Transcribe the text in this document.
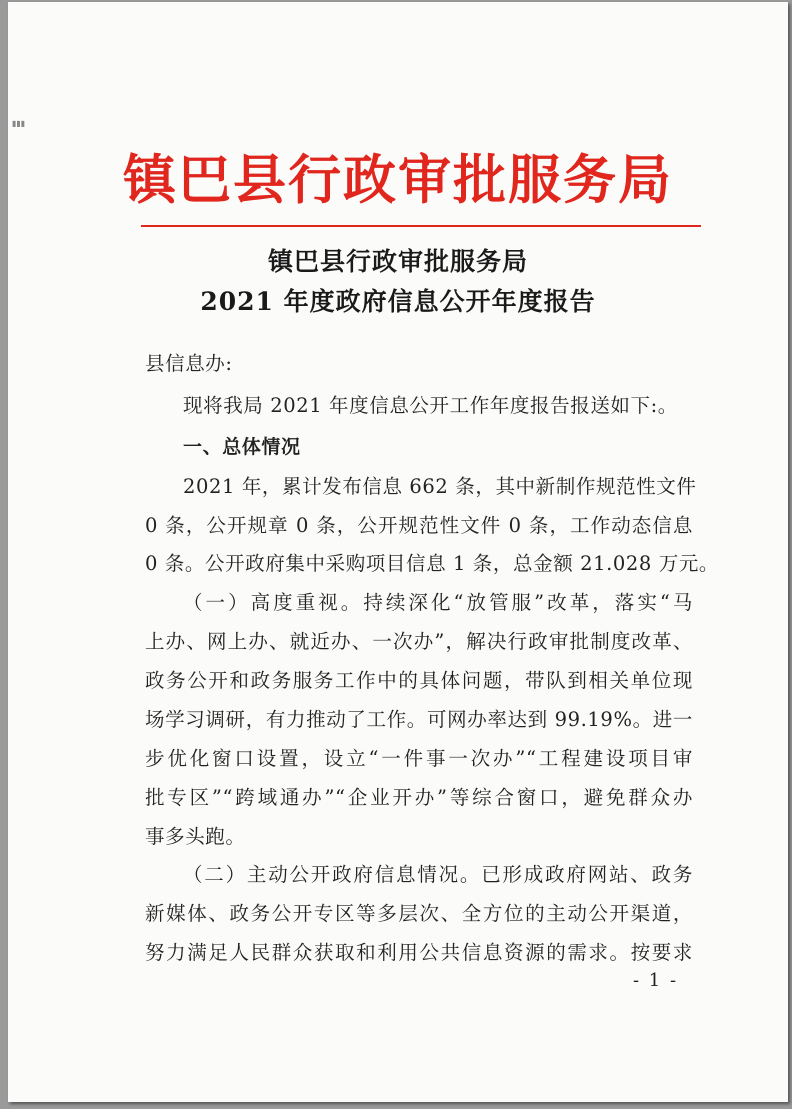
▮▮▮
镇巴县行政审批服务局
镇巴县行政审批服务局
2021 年度政府信息公开年度报告
县信息办:
现将我局 2021 年度信息公开工作年度报告报送如下:。
一、总体情况
2021 年，累计发布信息 662 条，其中新制作规范性文件
0 条，公开规章 0 条，公开规范性文件 0 条，工作动态信息
0 条。公开政府集中采购项目信息 1 条，总金额 21.028 万元。
（一）高度重视。持续深化“放管服”改革，落实“马
上办、网上办、就近办、一次办”，解决行政审批制度改革、
政务公开和政务服务工作中的具体问题，带队到相关单位现
场学习调研，有力推动了工作。可网办率达到 99.19%。进一
步优化窗口设置，设立“一件事一次办”“工程建设项目审
批专区”“跨域通办”“企业开办”等综合窗口，避免群众办
事多头跑。
（二）主动公开政府信息情况。已形成政府网站、政务
新媒体、政务公开专区等多层次、全方位的主动公开渠道，
努力满足人民群众获取和利用公共信息资源的需求。按要求
- 1 -
